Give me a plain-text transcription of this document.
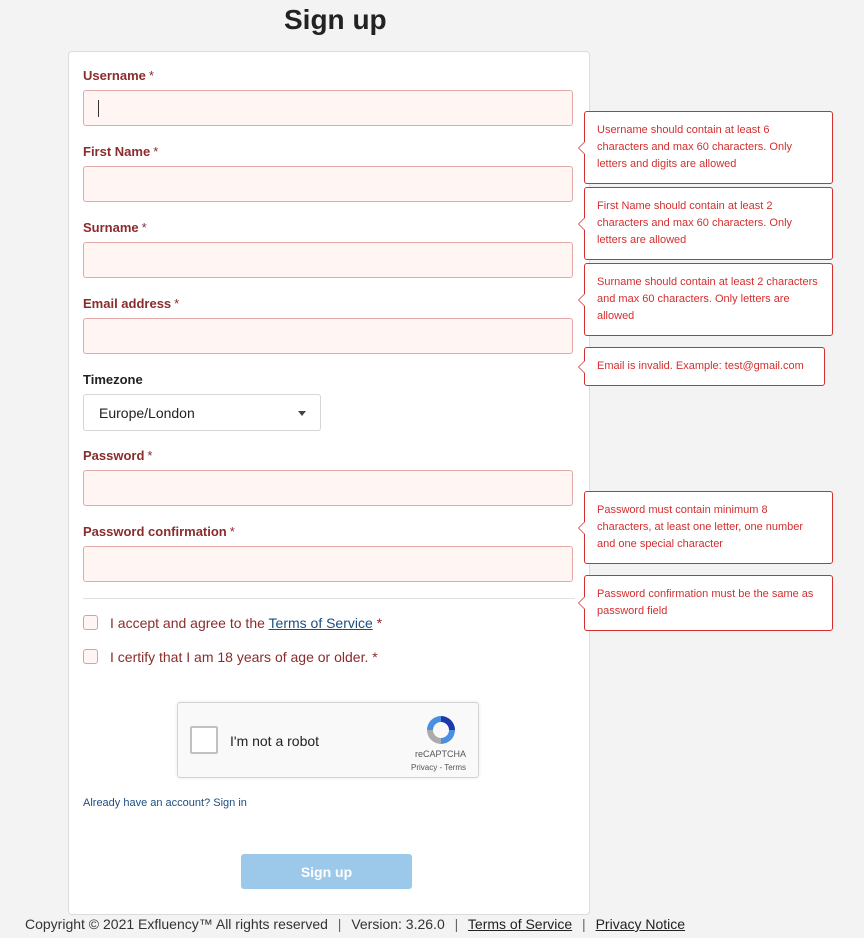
Sign up
Username *
First Name *
Surname *
Email address *
Timezone
Europe/London
Password *
Password confirmation *
I accept and agree to the Terms of Service *
I certify that I am 18 years of age or older. *
I'm not a robot
reCAPTCHA
Privacy - Terms
Already have an account? Sign in
Sign up
Username should contain at least 6 characters and max 60 characters. Only letters and digits are allowed
First Name should contain at least 2 characters and max 60 characters. Only letters are allowed
Surname should contain at least 2 characters and max 60 characters. Only letters are allowed
Email is invalid. Example: test@gmail.com
Password must contain minimum 8 characters, at least one letter, one number and one special character
Password confirmation must be the same as password field
Copyright © 2021 Exfluency™ All rights reserved | Version: 3.26.0 | Terms of Service | Privacy Notice
